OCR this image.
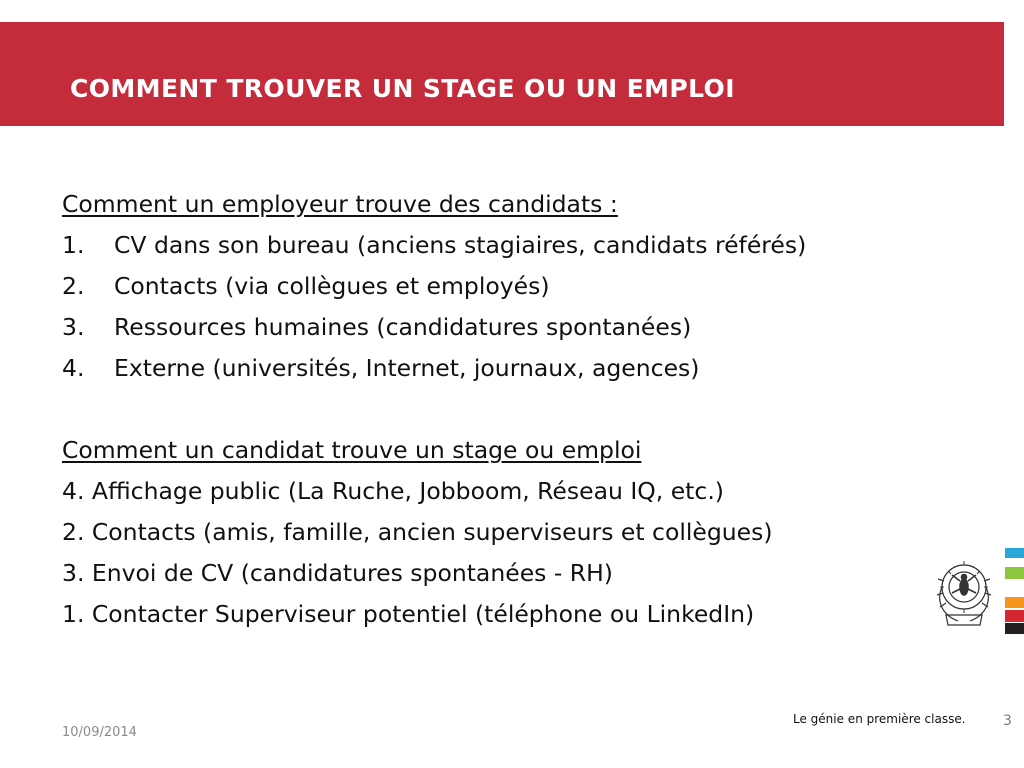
COMMENT TROUVER UN STAGE OU UN EMPLOI
Comment un employeur trouve des candidats :
1. CV dans son bureau (anciens stagiaires, candidats référés)
2. Contacts (via collègues et employés)
3. Ressources humaines (candidatures spontanées)
4. Externe (universités, Internet, journaux, agences)
Comment un candidat trouve un stage ou emploi
4. Affichage public (La Ruche, Jobboom, Réseau IQ, etc.)
2. Contacts (amis, famille, ancien superviseurs et collègues)
3. Envoi de CV (candidatures spontanées - RH)
1. Contacter Superviseur potentiel (téléphone ou LinkedIn)
10/09/2014
Le génie en première classe.	3
